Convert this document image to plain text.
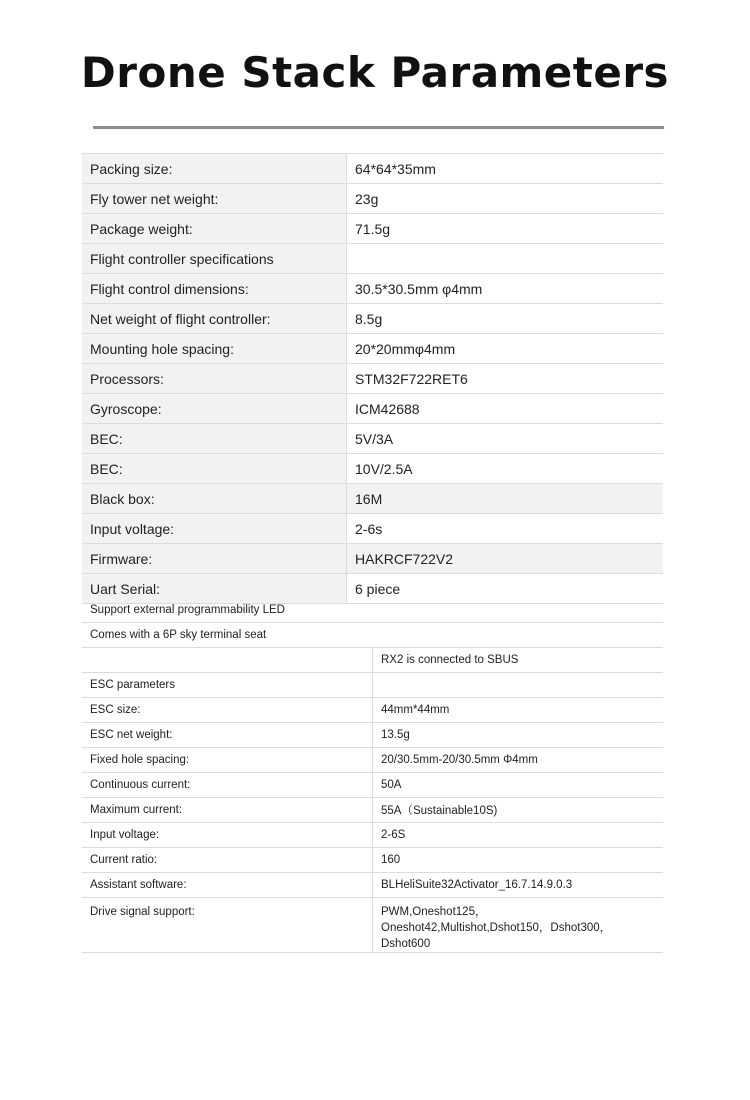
Drone Stack Parameters
Packing size:	64*64*35mm
Fly tower net weight:	23g
Package weight:	71.5g
Flight controller specifications	
Flight control dimensions:	30.5*30.5mm φ4mm
Net weight of flight controller:	8.5g
Mounting hole spacing:	20*20mmφ4mm
Processors:	STM32F722RET6
Gyroscope:	ICM42688
BEC:	5V/3A
BEC:	10V/2.5A
Black box:	16M
Input voltage:	2-6s
Firmware:	HAKRCF722V2
Uart Serial:	6 piece
Support external programmability LED	
Comes with a 6P sky terminal seat	
	RX2 is connected to SBUS
ESC parameters	
ESC size:	44mm*44mm
ESC net weight:	13.5g
Fixed hole spacing:	20/30.5mm-20/30.5mm Φ4mm
Continuous current:	50A
Maximum current:	55A（Sustainable10S)
Input voltage:	2-6S
Current ratio:	160
Assistant software:	BLHeliSuite32Activator_16.7.14.9.0.3
Drive signal support:	PWM,Oneshot125，Oneshot42,Multishot,Dshot150，Dshot300，Dshot600
